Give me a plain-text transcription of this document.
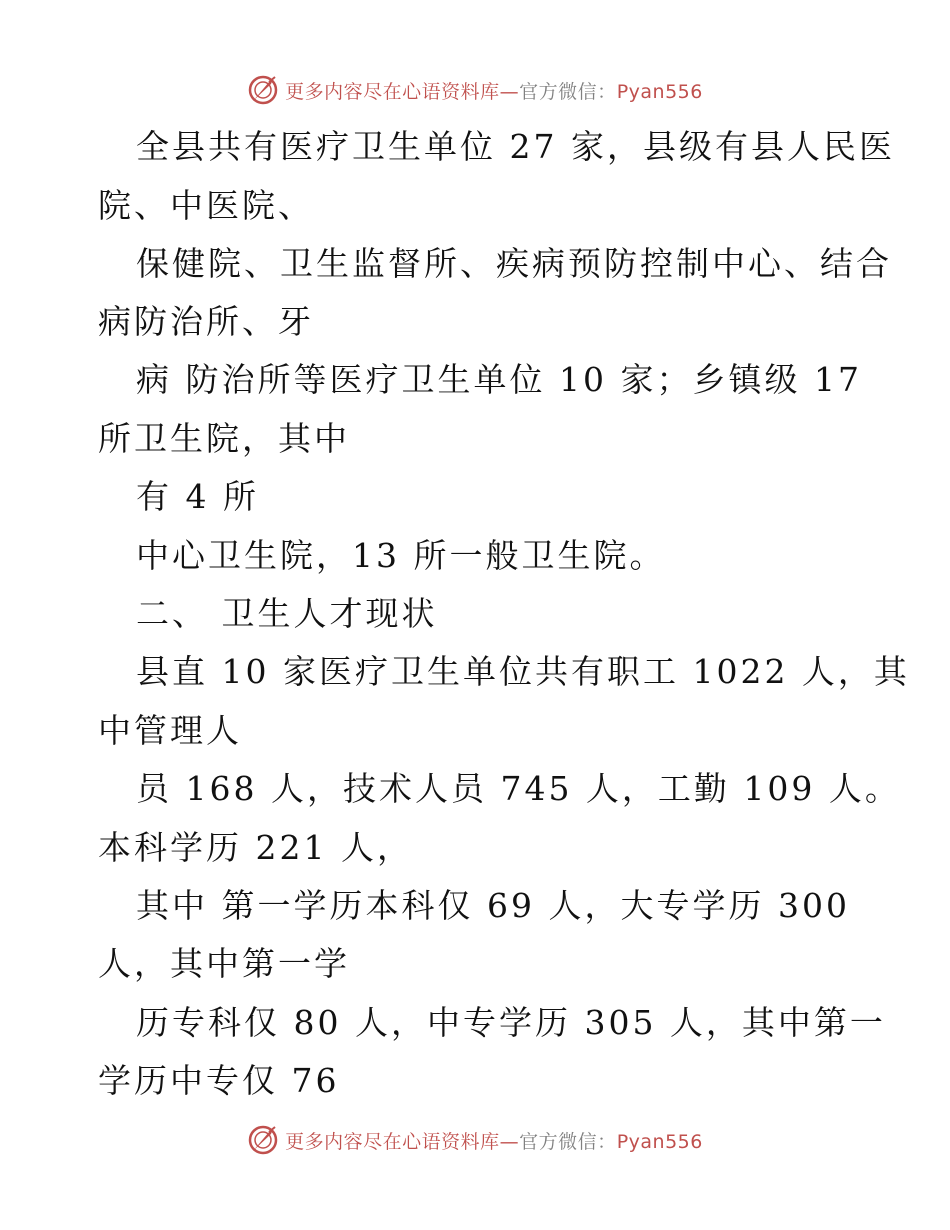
更多内容尽在心语资料库—官方微信：Pyan556
全县共有医疗卫生单位 27 家，县级有县人民医
院、中医院、
保健院、卫生监督所、疾病预防控制中心、结合
病防治所、牙
病 防治所等医疗卫生单位 10 家；乡镇级 17
所卫生院，其中
有 4 所
中心卫生院，13 所一般卫生院。
二、 卫生人才现状
县直 10 家医疗卫生单位共有职工 1022 人，其
中管理人
员 168 人，技术人员 745 人，工勤 109 人。
本科学历 221 人，
其中 第一学历本科仅 69 人，大专学历 300
人，其中第一学
历专科仅 80 人，中专学历 305 人，其中第一
学历中专仅 76
更多内容尽在心语资料库—官方微信：Pyan556
